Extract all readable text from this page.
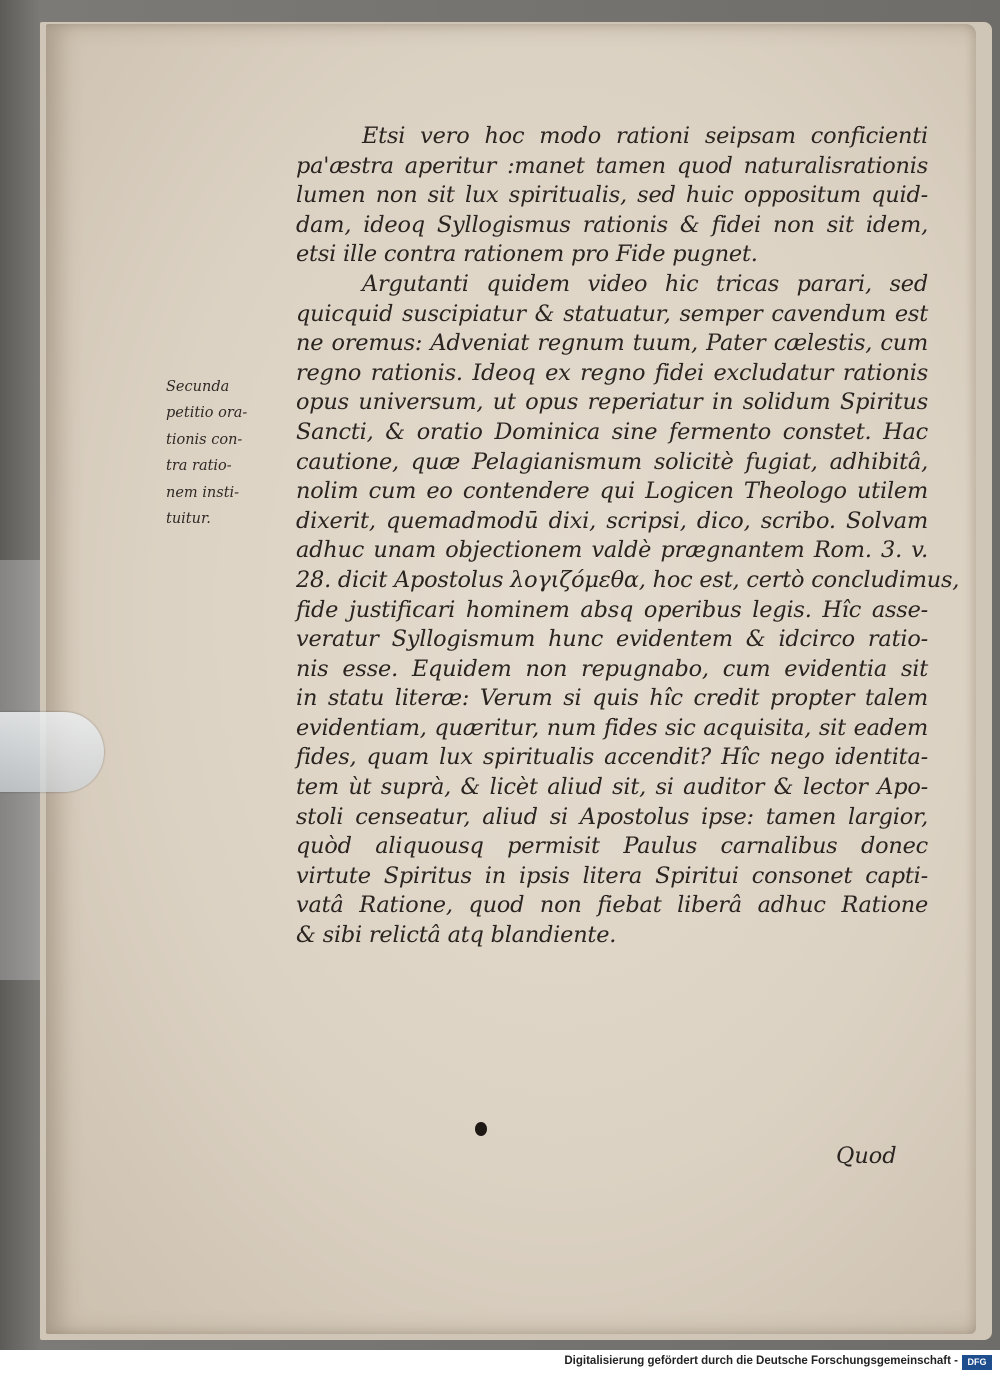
Secunda
petitio ora-
tionis con-
tra ratio-
nem insti-
tuitur.
Etsi vero hoc modo rationi seipsam conficienti
pa'æstra aperitur :manet tamen quod naturalisrationis
lumen non sit lux spiritualis, sed huic oppositum quid-
dam, ideoq Syllogismus rationis & fidei non sit idem,
etsi ille contra rationem pro Fide pugnet.
Argutanti quidem video hic tricas parari, sed
quicquid suscipiatur & statuatur, semper cavendum est
ne oremus: Adveniat regnum tuum, Pater cælestis, cum
regno rationis. Ideoq ex regno fidei excludatur rationis
opus universum, ut opus reperiatur in solidum Spiritus
Sancti, & oratio Dominica sine fermento constet. Hac
cautione, quæ Pelagianismum solicitè fugiat, adhibitâ,
nolim cum eo contendere qui Logicen Theologo utilem
dixerit, quemadmodū dixi, scripsi, dico, scribo. Solvam
adhuc unam objectionem valdè prægnantem Rom. 3. v.
28. dicit Apostolus λογιζόμεθα, hoc est, certò concludimus,
fide justificari hominem absq operibus legis. Hîc asse-
veratur Syllogismum hunc evidentem & idcirco ratio-
nis esse. Equidem non repugnabo, cum evidentia sit
in statu literæ: Verum si quis hîc credit propter talem
evidentiam, quæritur, num fides sic acquisita, sit eadem
fides, quam lux spiritualis accendit? Hîc nego identita-
tem ùt suprà, & licèt aliud sit, si auditor & lector Apo-
stoli censeatur, aliud si Apostolus ipse: tamen largior,
quòd aliquousq permisit Paulus carnalibus donec
virtute Spiritus in ipsis litera Spiritui consonet capti-
vatâ Ratione, quod non fiebat liberâ adhuc Ratione
& sibi relictâ atq blandiente.
Quod
Digitalisierung gefördert durch die Deutsche Forschungsgemeinschaft -	DFG
